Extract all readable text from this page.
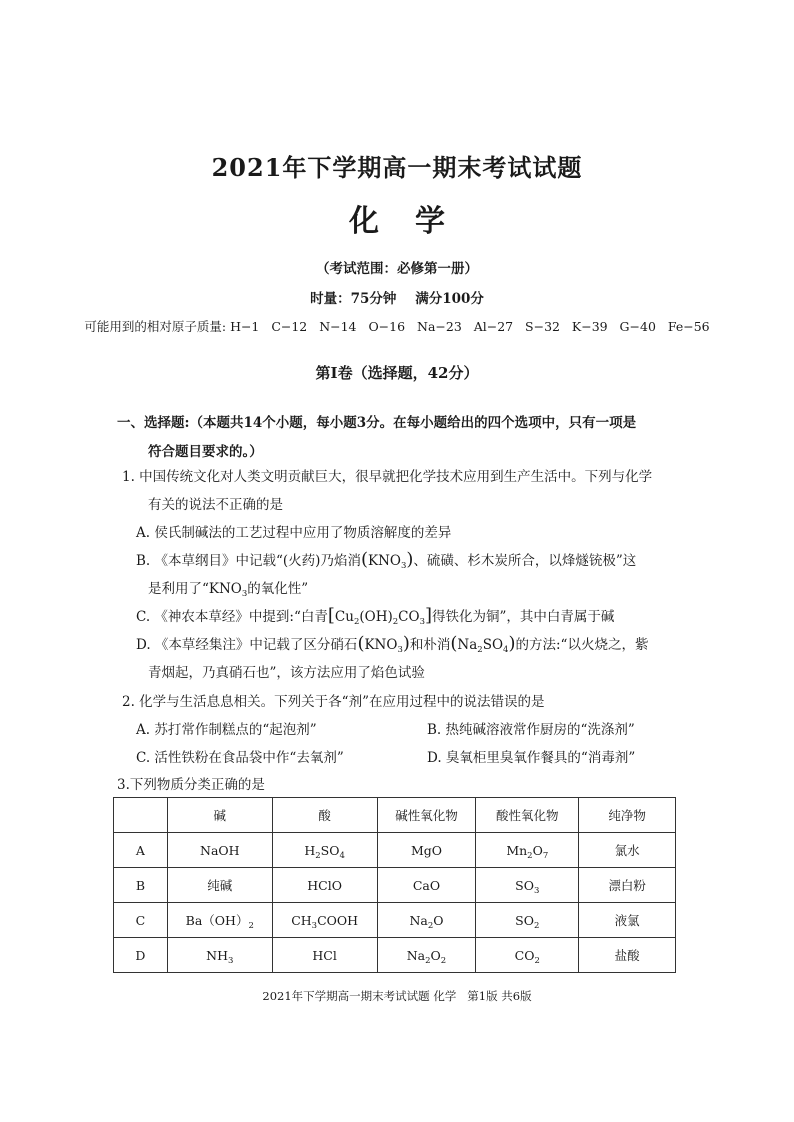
2021年下学期高一期末考试试题
化学
（考试范围：必修第一册）
时量：75分钟    满分100分
可能用到的相对原子质量: H−1 C−12 N−14 O−16 Na−23 Al−27 S−32 K−39 G−40 Fe−56
第Ⅰ卷（选择题，42分）
一、选择题:（本题共14个小题，每小题3分。在每小题给出的四个选项中，只有一项是
符合题目要求的。）
1. 中国传统文化对人类文明贡献巨大，很早就把化学技术应用到生产生活中。下列与化学
有关的说法不正确的是
A. 侯氏制碱法的工艺过程中应用了物质溶解度的差异
B. 《本草纲目》中记载“(火药)乃焰消$(KNO_3)$、硫磺、杉木炭所合，以烽燧铳极”这
是利用了“$KNO_3$的氧化性”
C. 《神农本草经》中提到:“白青$[Cu_2(OH)_2CO_3]$得铁化为铜”，其中白青属于碱
D. 《本草经集注》中记载了区分硝石$(KNO_3)$和朴消$(Na_2SO_4)$的方法:“以火烧之，紫
青烟起，乃真硝石也”，该方法应用了焰色试验
2. 化学与生活息息相关。下列关于各“剂”在应用过程中的说法错误的是
A. 苏打常作制糕点的“起泡剂”	B. 热纯碱溶液常作厨房的“洗涤剂”
C. 活性铁粉在食品袋中作“去氧剂”	D. 臭氧柜里臭氧作餐具的“消毒剂”
3.下列物质分类正确的是
	碱	酸	碱性氧化物	酸性氧化物	纯净物
A	NaOH	$H_2SO_4$	MgO	$Mn_2O_7$	氯水
B	纯碱	HClO	CaO	$SO_3$	漂白粉
C	$Ba(OH)_2$	$CH_3COOH$	$Na_2O$	$SO_2$	液氯
D	$NH_3$	HCl	$Na_2O_2$	$CO_2$	盐酸
2021年下学期高一期末考试试题 化学   第1版 共6版
